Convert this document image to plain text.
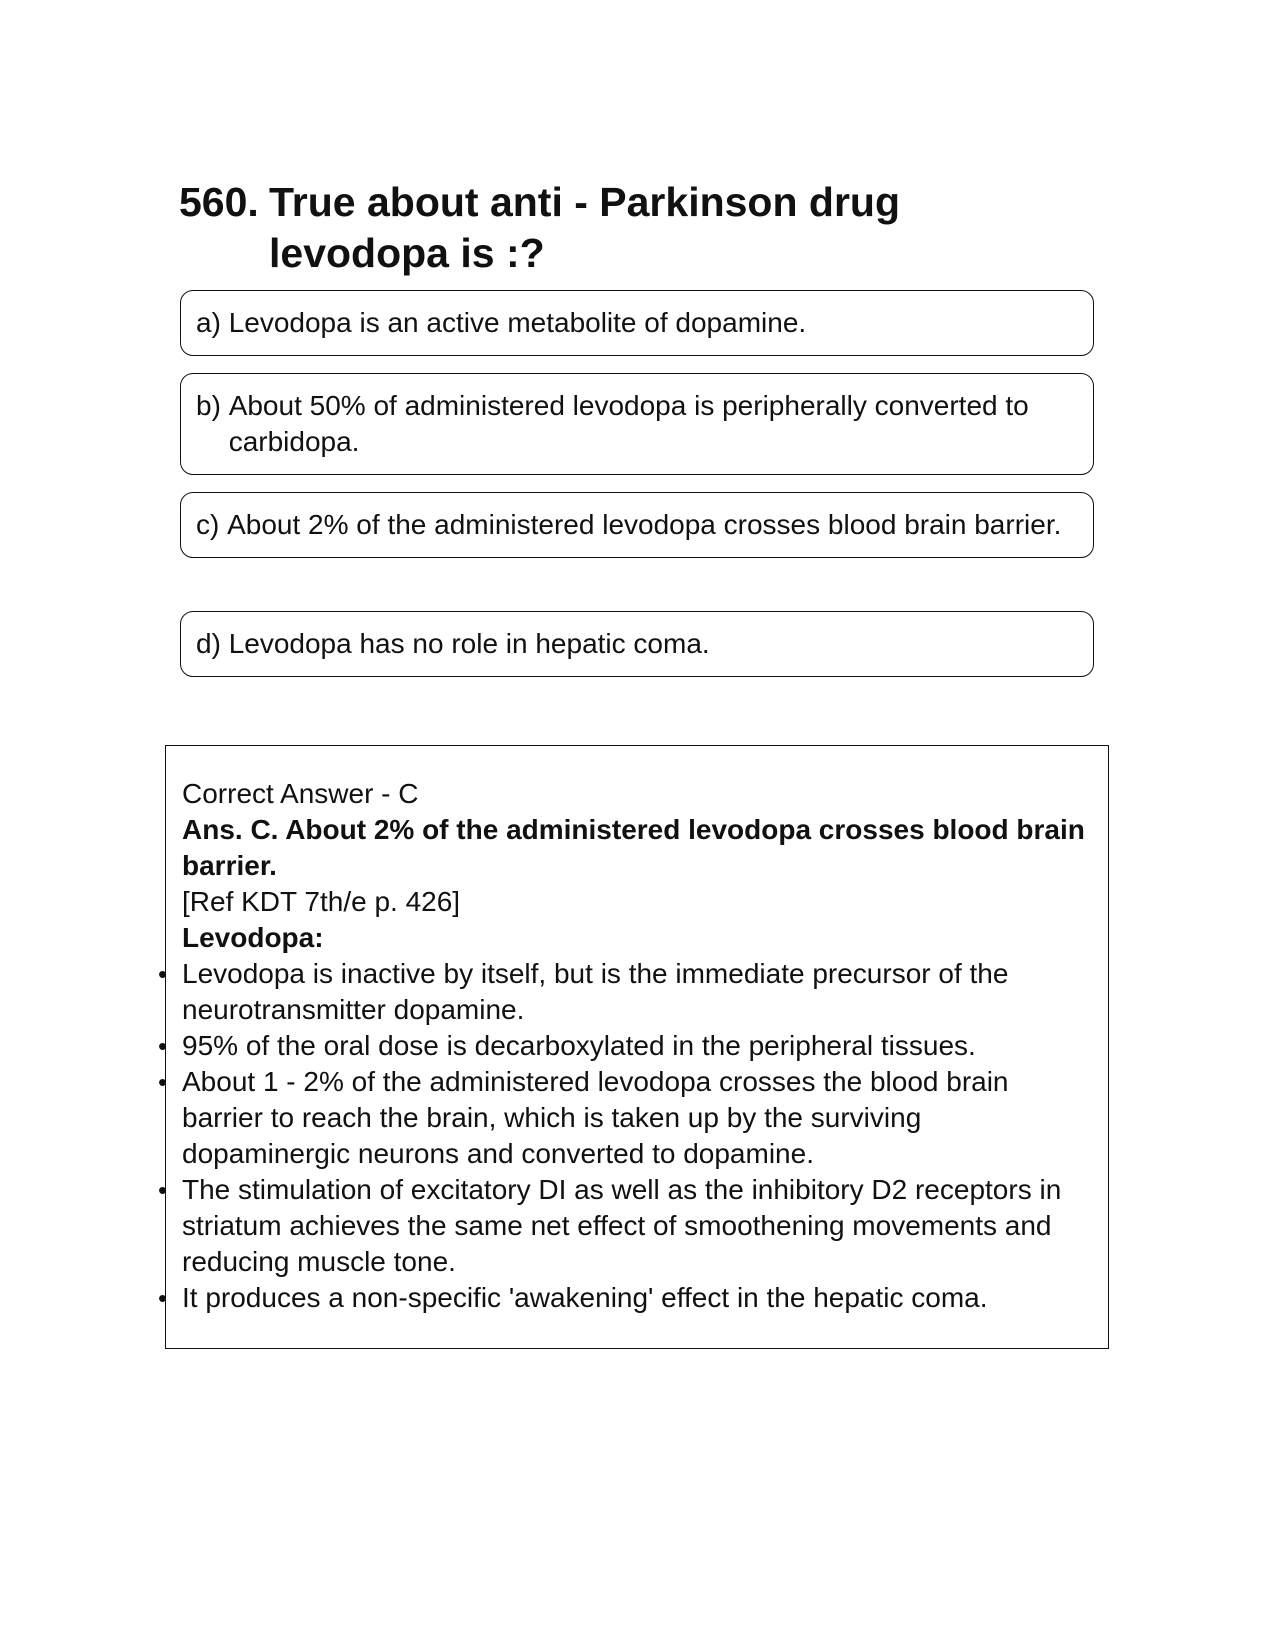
560. True about anti - Parkinson drug levodopa is :?
a) Levodopa is an active metabolite of dopamine.
b) About 50% of administered levodopa is peripherally converted to carbidopa.
c) About 2% of the administered levodopa crosses blood brain barrier.
d) Levodopa has no role in hepatic coma.
Correct Answer - C
Ans. C. About 2% of the administered levodopa crosses blood brain barrier.
[Ref KDT 7th/e p. 426]
Levodopa:
• Levodopa is inactive by itself, but is the immediate precursor of the neurotransmitter dopamine.
• 95% of the oral dose is decarboxylated in the peripheral tissues.
• About 1 - 2% of the administered levodopa crosses the blood brain barrier to reach the brain, which is taken up by the surviving dopaminergic neurons and converted to dopamine.
• The stimulation of excitatory DI as well as the inhibitory D2 receptors in striatum achieves the same net effect of smoothening movements and reducing muscle tone.
• It produces a non-specific 'awakening' effect in the hepatic coma.
